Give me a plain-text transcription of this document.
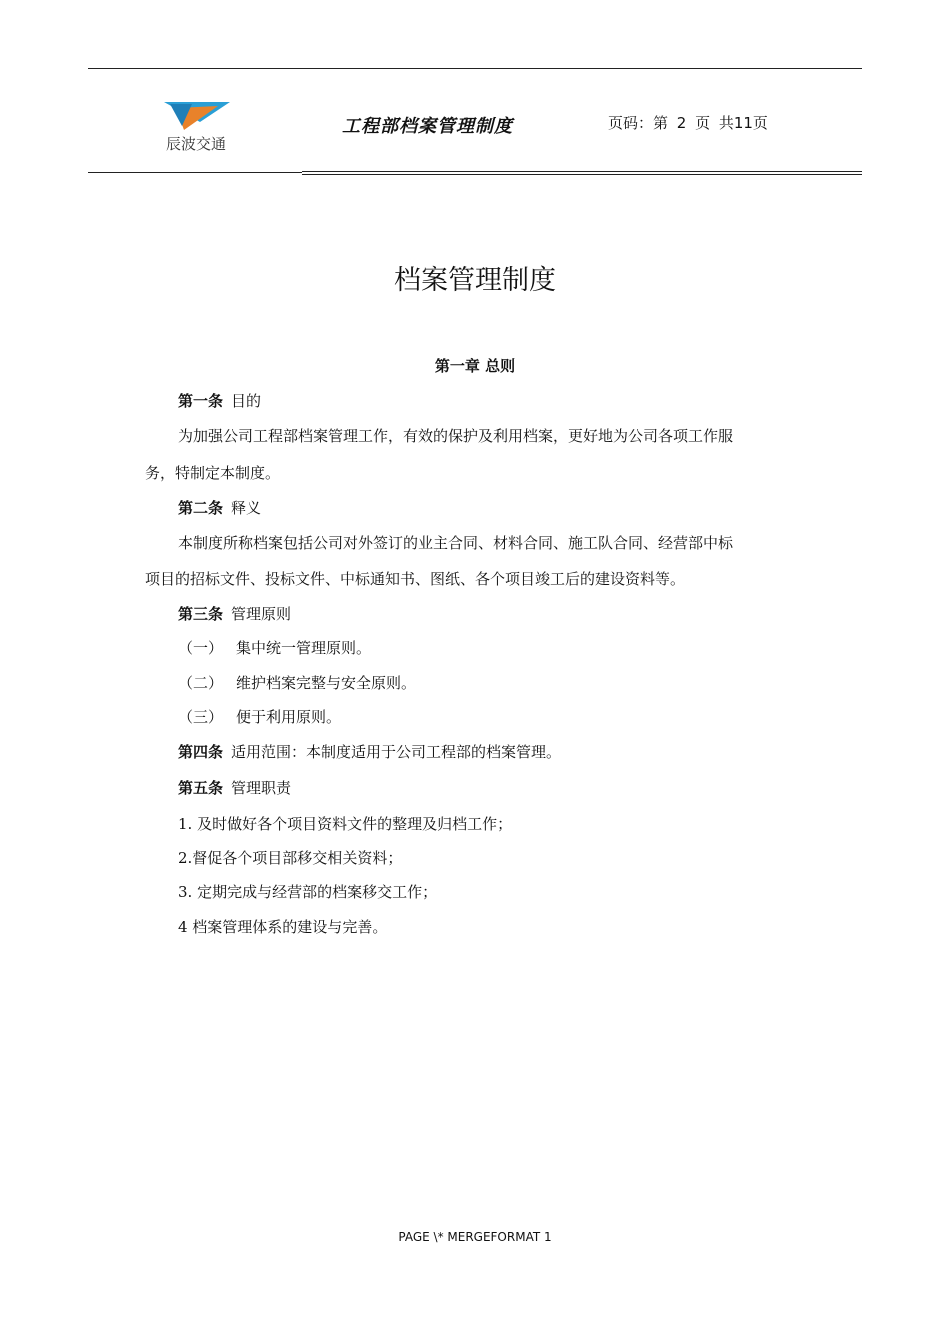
辰波交通
工程部档案管理制度	页码：第 2 页 共11页
档案管理制度
第一章 总则
第一条 目的
为加强公司工程部档案管理工作，有效的保护及利用档案，更好地为公司各项工作服
务，特制定本制度。
第二条 释义
本制度所称档案包括公司对外签订的业主合同、材料合同、施工队合同、经营部中标
项目的招标文件、投标文件、中标通知书、图纸、各个项目竣工后的建设资料等。
第三条 管理原则
（一） 集中统一管理原则。
（二） 维护档案完整与安全原则。
（三） 便于利用原则。
第四条 适用范围：本制度适用于公司工程部的档案管理。
第五条 管理职责
1. 及时做好各个项目资料文件的整理及归档工作；
2.督促各个项目部移交相关资料；
3. 定期完成与经营部的档案移交工作；
4 档案管理体系的建设与完善。
PAGE \* MERGEFORMAT 1
